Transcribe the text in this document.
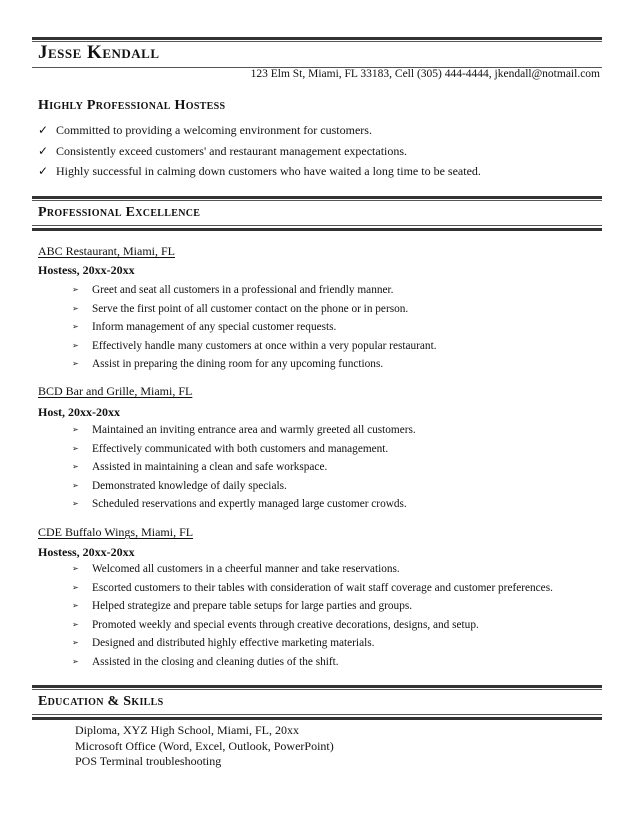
Jesse Kendall
123 Elm St, Miami, FL 33183, Cell (305) 444-4444, jkendall@notmail.com
Highly Professional Hostess
✓ Committed to providing a welcoming environment for customers.
✓ Consistently exceed customers' and restaurant management expectations.
✓ Highly successful in calming down customers who have waited a long time to be seated.
Professional Excellence
ABC Restaurant, Miami, FL
Hostess, 20xx-20xx
➢ Greet and seat all customers in a professional and friendly manner.
➢ Serve the first point of all customer contact on the phone or in person.
➢ Inform management of any special customer requests.
➢ Effectively handle many customers at once within a very popular restaurant.
➢ Assist in preparing the dining room for any upcoming functions.
BCD Bar and Grille, Miami, FL
Host, 20xx-20xx
➢ Maintained an inviting entrance area and warmly greeted all customers.
➢ Effectively communicated with both customers and management.
➢ Assisted in maintaining a clean and safe workspace.
➢ Demonstrated knowledge of daily specials.
➢ Scheduled reservations and expertly managed large customer crowds.
CDE Buffalo Wings, Miami, FL
Hostess, 20xx-20xx
➢ Welcomed all customers in a cheerful manner and take reservations.
➢ Escorted customers to their tables with consideration of wait staff coverage and customer preferences.
➢ Helped strategize and prepare table setups for large parties and groups.
➢ Promoted weekly and special events through creative decorations, designs, and setup.
➢ Designed and distributed highly effective marketing materials.
➢ Assisted in the closing and cleaning duties of the shift.
Education & Skills
Diploma, XYZ High School, Miami, FL, 20xx
Microsoft Office (Word, Excel, Outlook, PowerPoint)
POS Terminal troubleshooting
